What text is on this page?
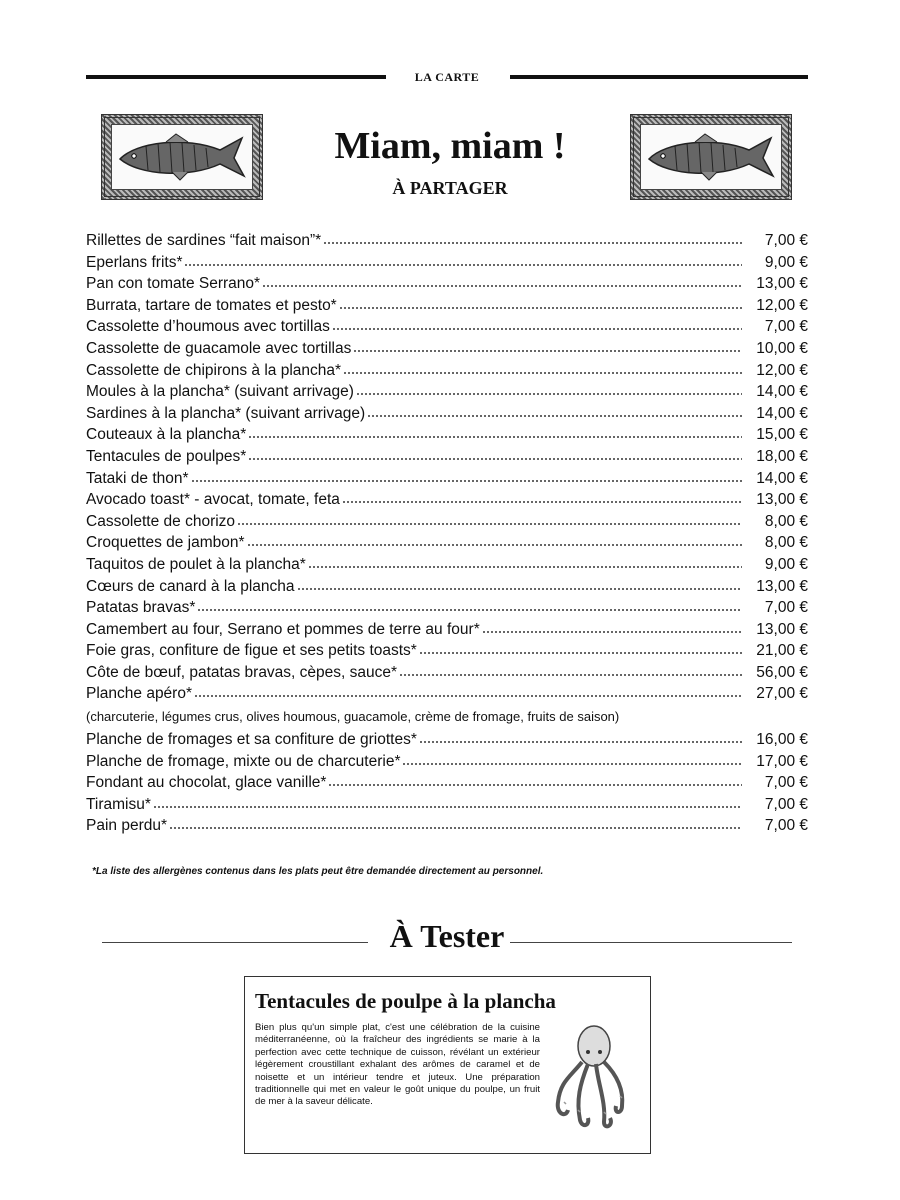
LA CARTE
Miam, miam !
À PARTAGER
Rillettes de sardines “fait maison”*	7,00 €
Eperlans frits*	9,00 €
Pan con tomate Serrano*	13,00 €
Burrata, tartare de tomates et pesto*	12,00 €
Cassolette d’houmous avec tortillas	7,00 €
Cassolette de guacamole avec tortillas	10,00 €
Cassolette de chipirons à la plancha*	12,00 €
Moules à la plancha* (suivant arrivage)	14,00 €
Sardines à la plancha* (suivant arrivage)	14,00 €
Couteaux à la plancha*	15,00 €
Tentacules de poulpes*	18,00 €
Tataki de thon*	14,00 €
Avocado toast* - avocat, tomate, feta	13,00 €
Cassolette de chorizo	8,00 €
Croquettes de jambon*	8,00 €
Taquitos de poulet à la plancha*	9,00 €
Cœurs de canard à la plancha	13,00 €
Patatas bravas*	7,00 €
Camembert au four, Serrano et pommes de terre au four*	13,00 €
Foie gras, confiture de figue et ses petits toasts*	21,00 €
Côte de bœuf, patatas bravas, cèpes, sauce*	56,00 €
Planche apéro*	27,00 €
(charcuterie, légumes crus, olives houmous, guacamole, crème de fromage, fruits de saison)
Planche de fromages et sa confiture de griottes*	16,00 €
Planche de fromage, mixte ou de charcuterie*	17,00 €
Fondant au chocolat, glace vanille*	7,00 €
Tiramisu*	7,00 €
Pain perdu*	7,00 €
*La liste des allergènes contenus dans les plats peut être demandée directement au personnel.
À Tester
Tentacules de poulpe à la plancha
Bien plus qu'un simple plat, c'est une célébration de la cuisine méditerranéenne, où la fraîcheur des ingrédients se marie à la perfection avec cette technique de cuisson, révélant un extérieur légèrement croustillant exhalant des arômes de caramel et de noisette et un intérieur tendre et juteux. Une préparation traditionnelle qui met en valeur le goût unique du poulpe, un fruit de mer à la saveur délicate.
